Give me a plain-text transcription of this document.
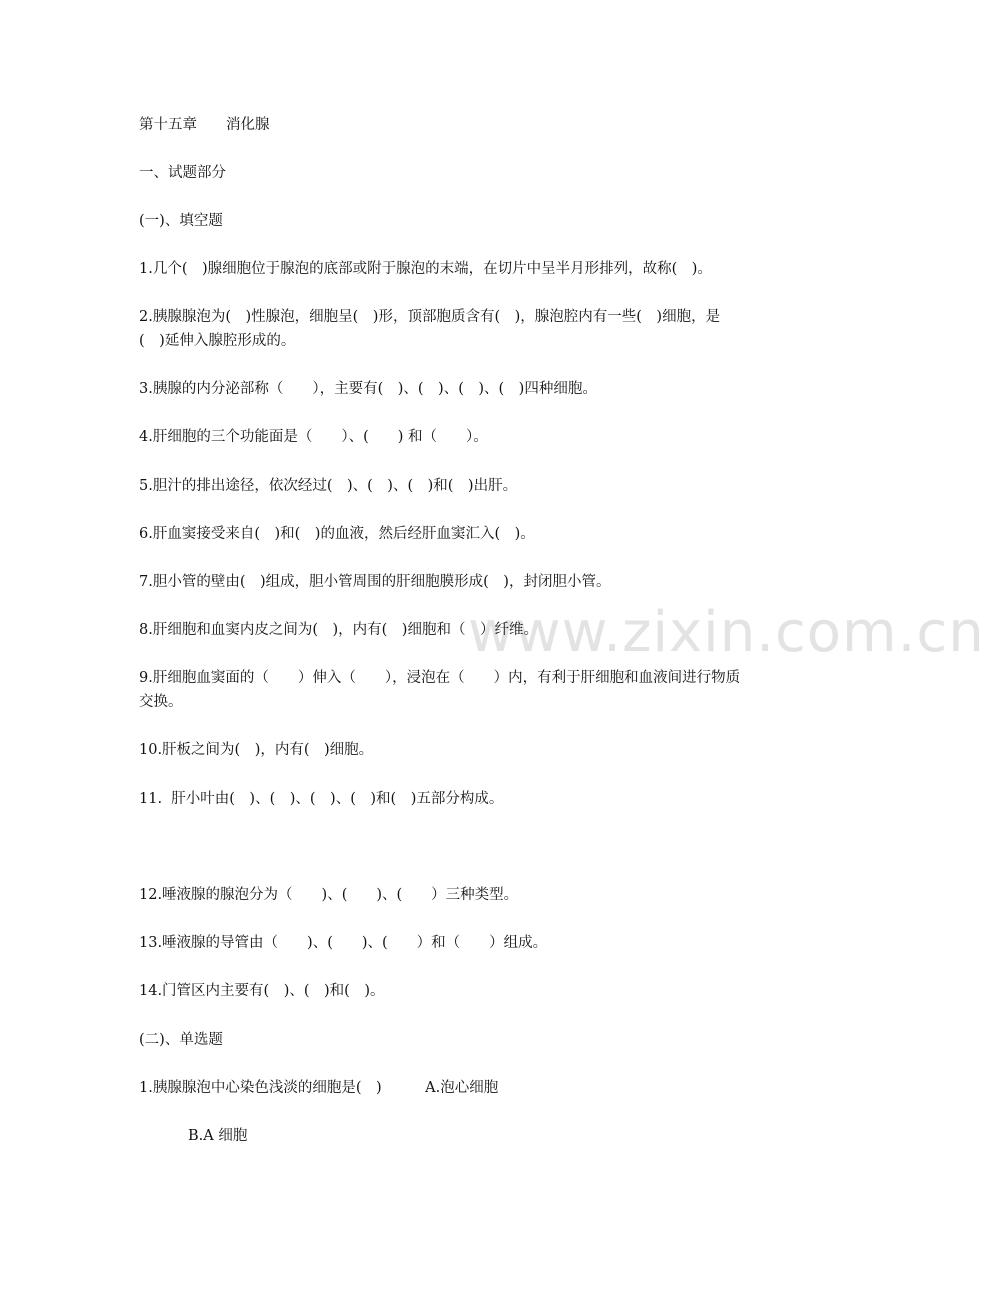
www.zixin.com.cn
第十五章　　消化腺
一、试题部分
(一)、填空题
1.几个(　)腺细胞位于腺泡的底部或附于腺泡的末端，在切片中呈半月形排列，故称(　)。
2.胰腺腺泡为(　)性腺泡，细胞呈(　)形，顶部胞质含有(　)，腺泡腔内有一些(　)细胞，是
(　)延伸入腺腔形成的。
3.胰腺的内分泌部称（　　），主要有(　)、(　)、(　)、(　)四种细胞。
4.肝细胞的三个功能面是（　　）、(　　) 和（　　）。
5.胆汁的排出途径，依次经过(　)、(　)、(　)和(　)出肝。
6.肝血窦接受来自(　)和(　)的血液，然后经肝血窦汇入(　)。
7.胆小管的壁由(　)组成，胆小管周围的肝细胞膜形成(　)，封闭胆小管。
8.肝细胞和血窦内皮之间为(　)，内有(　)细胞和（　）纤维。
9.肝细胞血窦面的（　　）伸入（　　），浸泡在（　　）内，有利于肝细胞和血液间进行物质
交换。
10.肝板之间为(　)，内有(　)细胞。
11.  肝小叶由(　)、(　)、(　)、(　)和(　)五部分构成。
12.唾液腺的腺泡分为（　　)、(　　)、(　　）三种类型。
13.唾液腺的导管由（　　)、(　　)、(　　）和（　　）组成。
14.门管区内主要有(　)、(　)和(　)。
(二)、单选题
1.胰腺腺泡中心染色浅淡的细胞是(　)　　　A.泡心细胞
B.A 细胞
